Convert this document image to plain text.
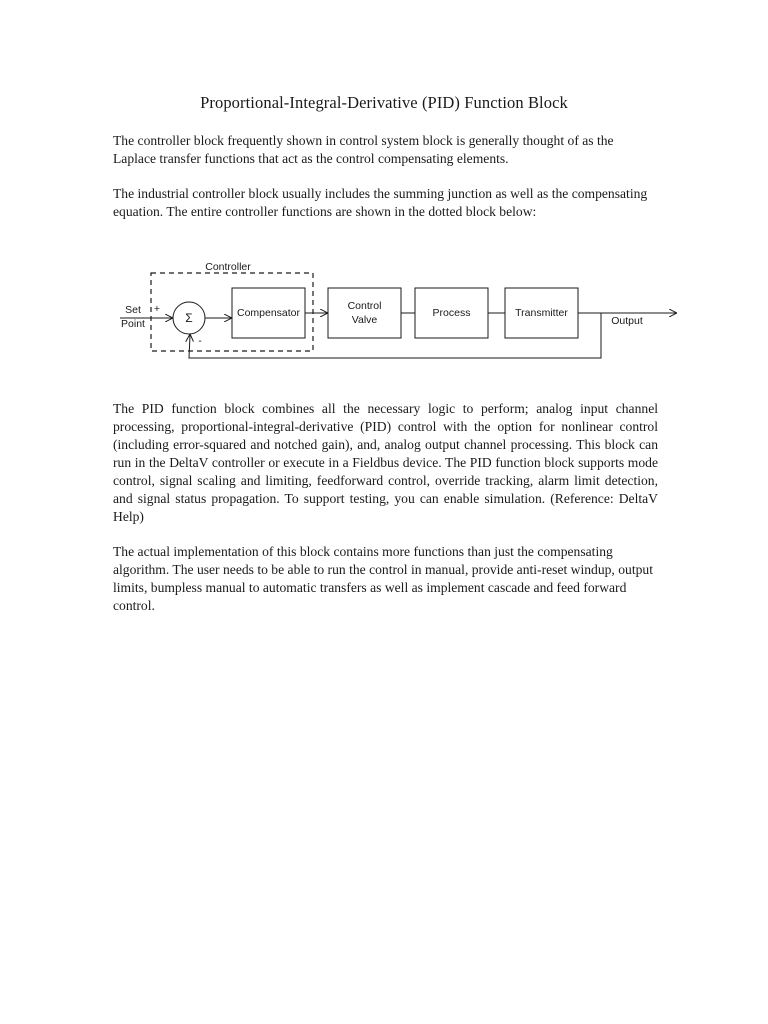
Proportional-Integral-Derivative (PID) Function Block

The controller block frequently shown in control system block is generally thought of as the Laplace transfer functions that act as the control compensating elements.

The industrial controller block usually includes the summing junction as well as the compensating equation. The entire controller functions are shown in the dotted block below:

Controller
Set
Point
+
Σ
-
Compensator
Control
Valve
Process	Transmitter
Output

The PID function block combines all the necessary logic to perform; analog input channel processing, proportional-integral-derivative (PID) control with the option for nonlinear control (including error-squared and notched gain), and, analog output channel processing. This block can run in the DeltaV controller or execute in a Fieldbus device. The PID function block supports mode control, signal scaling and limiting, feedforward control, override tracking, alarm limit detection, and signal status propagation. To support testing, you can enable simulation. (Reference: DeltaV Help)

The actual implementation of this block contains more functions than just the compensating algorithm. The user needs to be able to run the control in manual, provide anti-reset windup, output limits, bumpless manual to automatic transfers as well as implement cascade and feed forward control.
